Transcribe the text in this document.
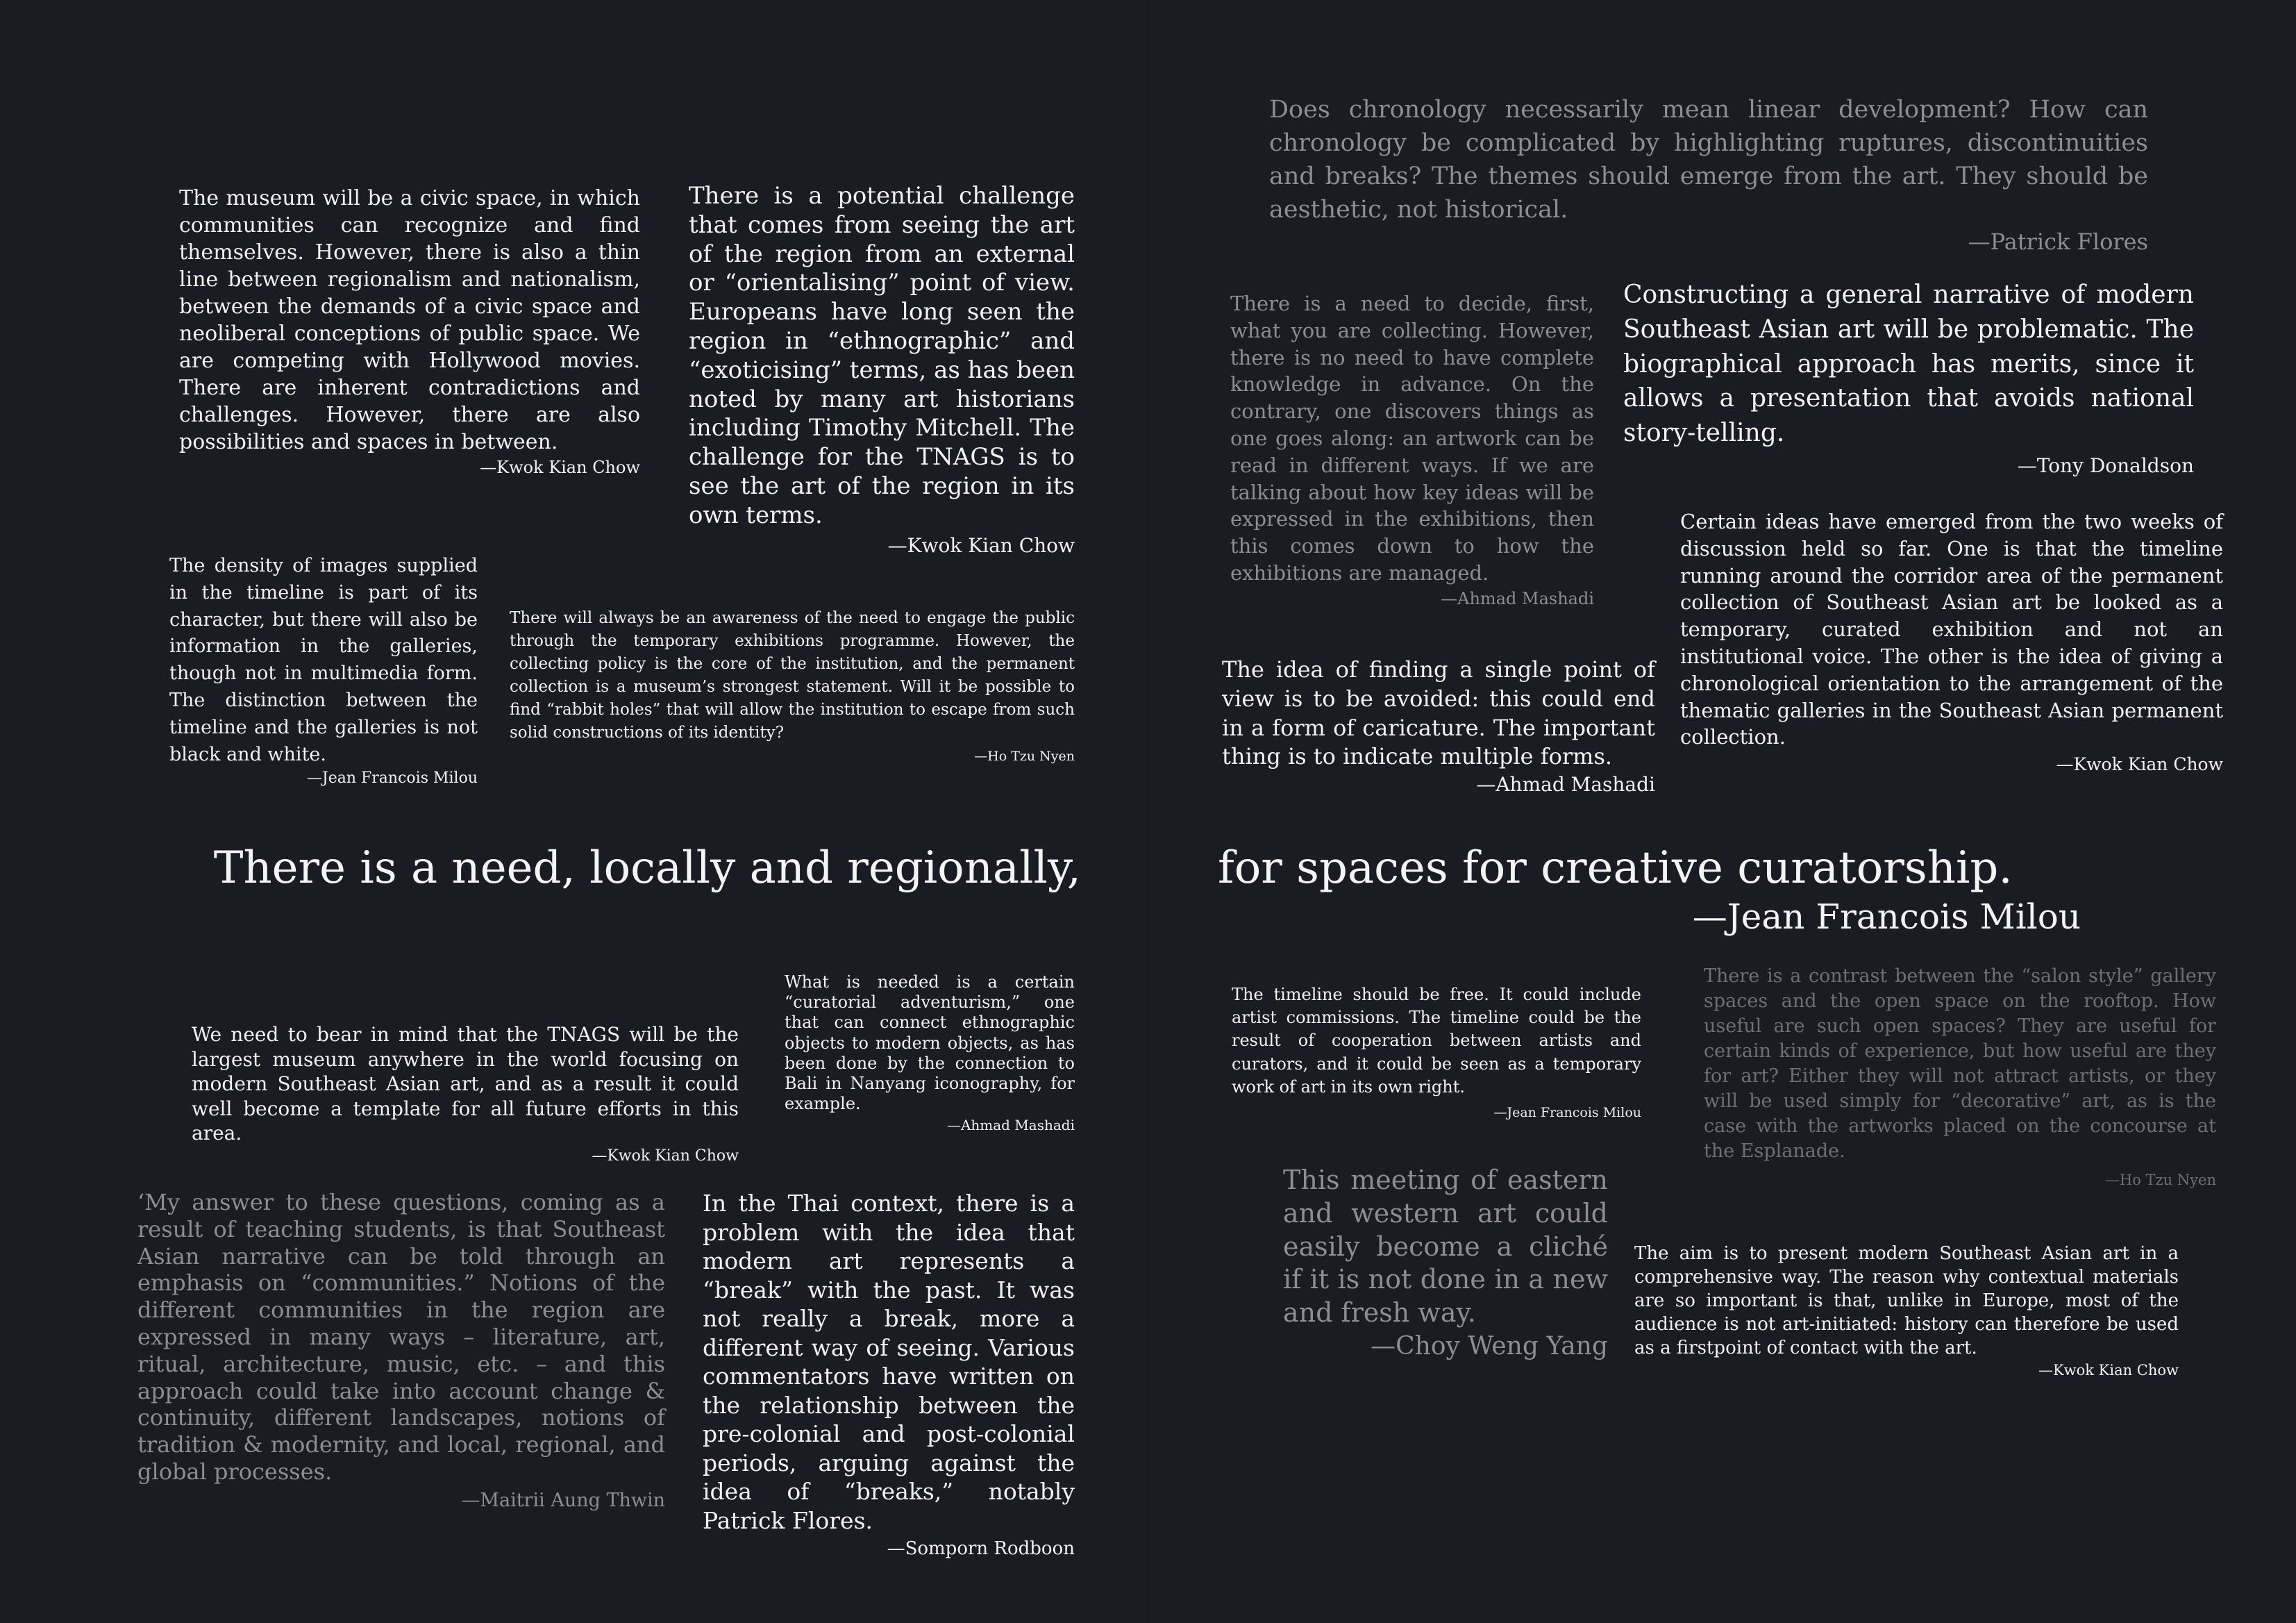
The museum will be a civic space, in which communities can recognize and find themselves. However, there is also a thin line between regionalism and nationalism, between the demands of a civic space and neoliberal conceptions of public space. We are competing with Hollywood movies. There are inherent contradictions and challenges. However, there are also possibilities and spaces in between.

—Kwok Kian Chow

There is a potential challenge that comes from seeing the art of the region from an external or “orientalising” point of view. Europeans have long seen the region in “ethnographic” and “exoticising” terms, as has been noted by many art historians including Timothy Mitchell. The challenge for the TNAGS is to see the art of the region in its own terms.

—Kwok Kian Chow

The density of images supplied in the timeline is part of its character, but there will also be information in the galleries, though not in multimedia form. The distinction between the timeline and the galleries is not black and white.

—Jean Francois Milou

There will always be an awareness of the need to engage the public through the temporary exhibitions programme. However, the collecting policy is the core of the institution, and the permanent collection is a museum’s strongest statement. Will it be possible to find “rabbit holes” that will allow the institution to escape from such solid constructions of its identity?

—Ho Tzu Nyen

There is a need, locally and regionally,

We need to bear in mind that the TNAGS will be the largest museum anywhere in the world focusing on modern Southeast Asian art, and as a result it could well become a template for all future efforts in this area.

—Kwok Kian Chow

What is needed is a certain “curatorial adventurism,” one that can connect ethnographic objects to modern objects, as has been done by the connection to Bali in Nanyang iconography, for example.

—Ahmad Mashadi

‘My answer to these questions, coming as a result of teaching students, is that Southeast Asian narrative can be told through an emphasis on “communities.” Notions of the different communities in the region are expressed in many ways – literature, art, ritual, architecture, music, etc. – and this approach could take into account change & continuity, different landscapes, notions of tradition & modernity, and local, regional, and global processes.

—Maitrii Aung Thwin

In the Thai context, there is a problem with the idea that modern art represents a “break” with the past. It was not really a break, more a different way of seeing. Various commentators have written on the relationship between the pre-colonial and post-colonial periods, arguing against the idea of “breaks,” notably Patrick Flores.

—Somporn Rodboon

Does chronology necessarily mean linear development? How can chronology be complicated by highlighting ruptures, discontinuities and breaks? The themes should emerge from the art. They should be aesthetic, not historical.

—Patrick Flores

There is a need to decide, first, what you are collecting. However, there is no need to have complete knowledge in advance. On the contrary, one discovers things as one goes along: an artwork can be read in different ways. If we are talking about how key ideas will be expressed in the exhibitions, then this comes down to how the exhibitions are managed.

—Ahmad Mashadi

Constructing a general narrative of modern Southeast Asian art will be problematic. The biographical approach has merits, since it allows a presentation that avoids national story-telling.

—Tony Donaldson

Certain ideas have emerged from the two weeks of discussion held so far. One is that the timeline running around the corridor area of the permanent collection of Southeast Asian art be looked as a temporary, curated exhibition and not an institutional voice. The other is the idea of giving a chronological orientation to the arrangement of the thematic galleries in the Southeast Asian permanent collection.

—Kwok Kian Chow

The idea of finding a single point of view is to be avoided: this could end in a form of caricature. The important thing is to indicate multiple forms.

—Ahmad Mashadi

for spaces for creative curatorship.

—Jean Francois Milou

The timeline should be free. It could include artist commissions. The timeline could be the result of cooperation between artists and curators, and it could be seen as a temporary work of art in its own right.

—Jean Francois Milou

There is a contrast between the “salon style” gallery spaces and the open space on the rooftop. How useful are such open spaces? They are useful for certain kinds of experience, but how useful are they for art? Either they will not attract artists, or they will be used simply for “decorative” art, as is the case with the artworks placed on the concourse at the Esplanade.

—Ho Tzu Nyen

This meeting of eastern and western art could easily become a cliché if it is not done in a new and fresh way.

—Choy Weng Yang

The aim is to present modern Southeast Asian art in a comprehensive way. The reason why contextual materials are so important is that, unlike in Europe, most of the audience is not art-initiated: history can therefore be used as a firstpoint of contact with the art.

—Kwok Kian Chow
